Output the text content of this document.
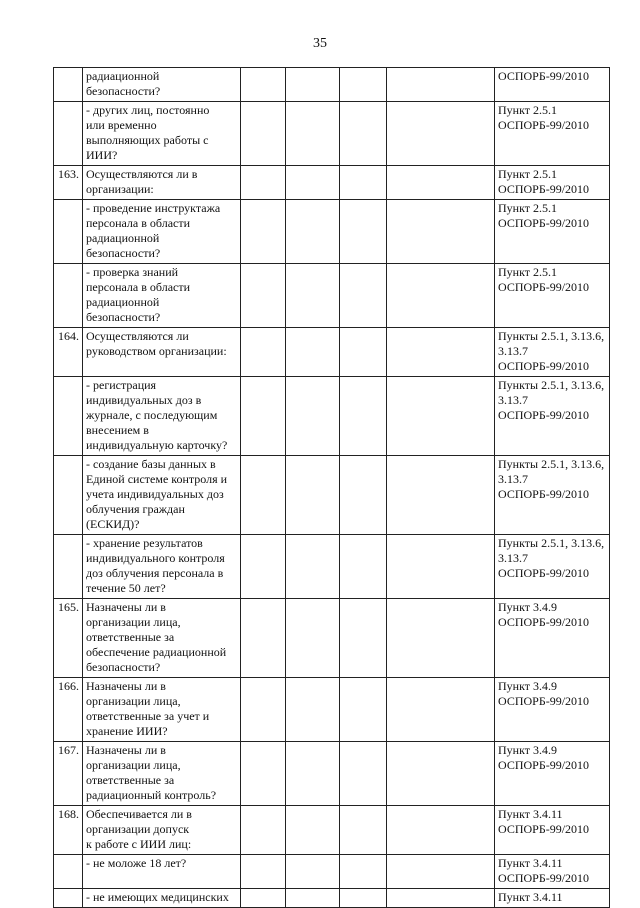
35
	радиационной
безопасности?					ОСПОРБ-99/2010
	- других лиц, постоянно
или временно
выполняющих работы с
ИИИ?					Пункт 2.5.1
ОСПОРБ-99/2010
163.	Осуществляются ли в
организации:					Пункт 2.5.1
ОСПОРБ-99/2010
	- проведение инструктажа
персонала в области
радиационной
безопасности?					Пункт 2.5.1
ОСПОРБ-99/2010
	- проверка знаний
персонала в области
радиационной
безопасности?					Пункт 2.5.1
ОСПОРБ-99/2010
164.	Осуществляются ли
руководством организации:					Пункты 2.5.1, 3.13.6,
3.13.7
ОСПОРБ-99/2010
	- регистрация
индивидуальных доз в
журнале, с последующим
внесением в
индивидуальную карточку?					Пункты 2.5.1, 3.13.6,
3.13.7
ОСПОРБ-99/2010
	- создание базы данных в
Единой системе контроля и
учета индивидуальных доз
облучения граждан
(ЕСКИД)?					Пункты 2.5.1, 3.13.6,
3.13.7
ОСПОРБ-99/2010
	- хранение результатов
индивидуального контроля
доз облучения персонала в
течение 50 лет?					Пункты 2.5.1, 3.13.6,
3.13.7
ОСПОРБ-99/2010
165.	Назначены ли в
организации лица,
ответственные за
обеспечение радиационной
безопасности?					Пункт 3.4.9
ОСПОРБ-99/2010
166.	Назначены ли в
организации лица,
ответственные за учет и
хранение ИИИ?					Пункт 3.4.9
ОСПОРБ-99/2010
167.	Назначены ли в
организации лица,
ответственные за
радиационный контроль?					Пункт 3.4.9
ОСПОРБ-99/2010
168.	Обеспечивается ли в
организации допуск
к работе с ИИИ лиц:					Пункт 3.4.11
ОСПОРБ-99/2010
	- не моложе 18 лет?					Пункт 3.4.11
ОСПОРБ-99/2010
	- не имеющих медицинских					Пункт 3.4.11
